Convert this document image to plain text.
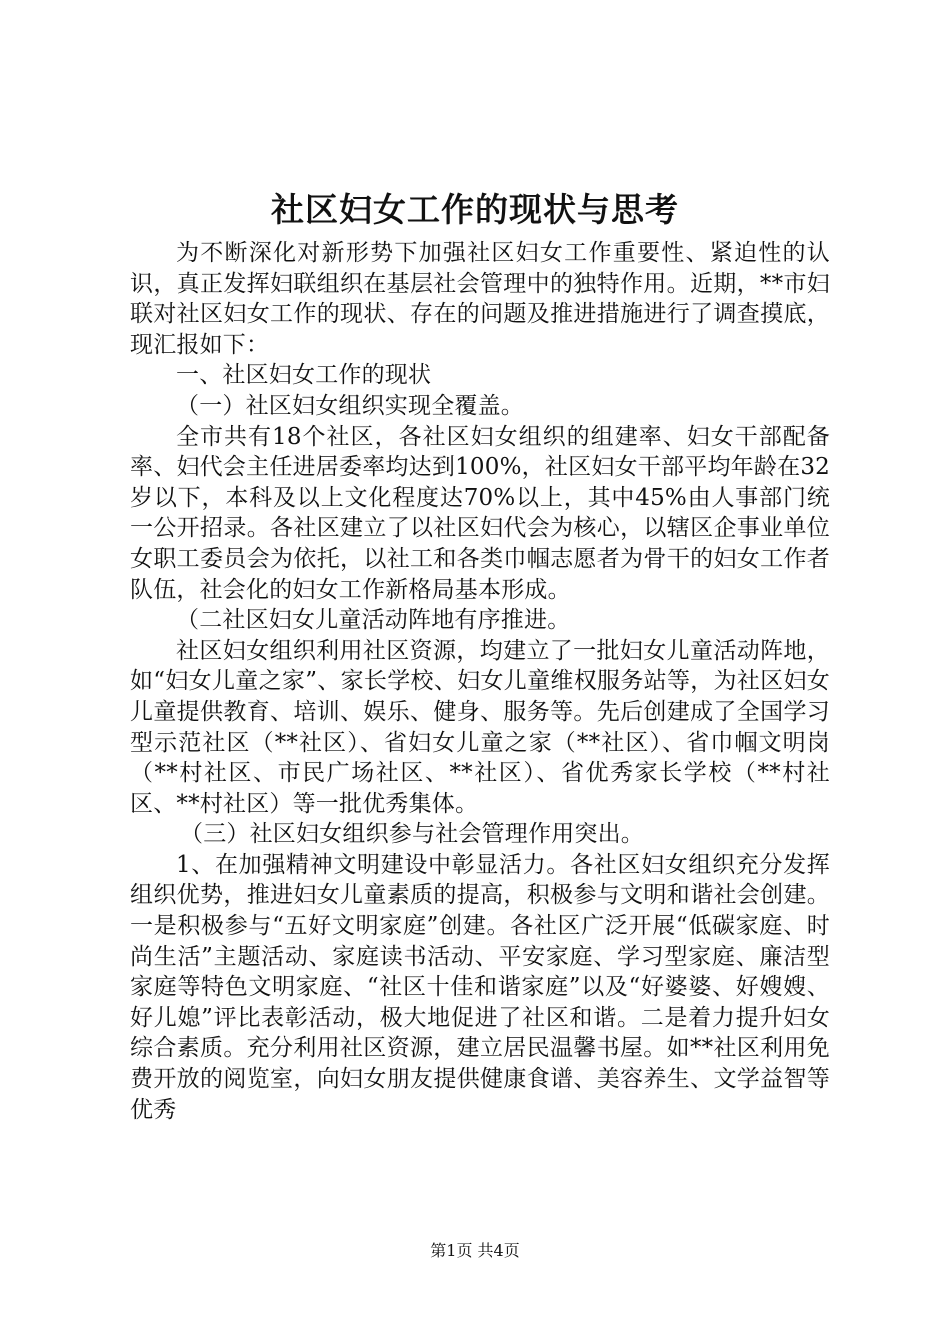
社区妇女工作的现状与思考

为不断深化对新形势下加强社区妇女工作重要性、紧迫性的认识，真正发挥妇联组织在基层社会管理中的独特作用。近期，**市妇联对社区妇女工作的现状、存在的问题及推进措施进行了调查摸底，现汇报如下：

一、社区妇女工作的现状

（一）社区妇女组织实现全覆盖。

全市共有18个社区，各社区妇女组织的组建率、妇女干部配备率、妇代会主任进居委率均达到100%，社区妇女干部平均年龄在32岁以下，本科及以上文化程度达70%以上，其中45%由人事部门统一公开招录。各社区建立了以社区妇代会为核心，以辖区企事业单位女职工委员会为依托，以社工和各类巾帼志愿者为骨干的妇女工作者队伍，社会化的妇女工作新格局基本形成。

（二社区妇女儿童活动阵地有序推进。

社区妇女组织利用社区资源，均建立了一批妇女儿童活动阵地，如“妇女儿童之家”、家长学校、妇女儿童维权服务站等，为社区妇女儿童提供教育、培训、娱乐、健身、服务等。先后创建成了全国学习型示范社区（**社区）、省妇女儿童之家（**社区）、省巾帼文明岗（**村社区、市民广场社区、**社区）、省优秀家长学校（**村社区、**村社区）等一批优秀集体。

（三）社区妇女组织参与社会管理作用突出。

1、在加强精神文明建设中彰显活力。各社区妇女组织充分发挥组织优势，推进妇女儿童素质的提高，积极参与文明和谐社会创建。一是积极参与“五好文明家庭”创建。各社区广泛开展“低碳家庭、时尚生活”主题活动、家庭读书活动、平安家庭、学习型家庭、廉洁型家庭等特色文明家庭、“社区十佳和谐家庭”以及“好婆婆、好嫂嫂、好儿媳”评比表彰活动，极大地促进了社区和谐。二是着力提升妇女综合素质。充分利用社区资源，建立居民温馨书屋。如**社区利用免费开放的阅览室，向妇女朋友提供健康食谱、美容养生、文学益智等优秀

第1页 共4页
